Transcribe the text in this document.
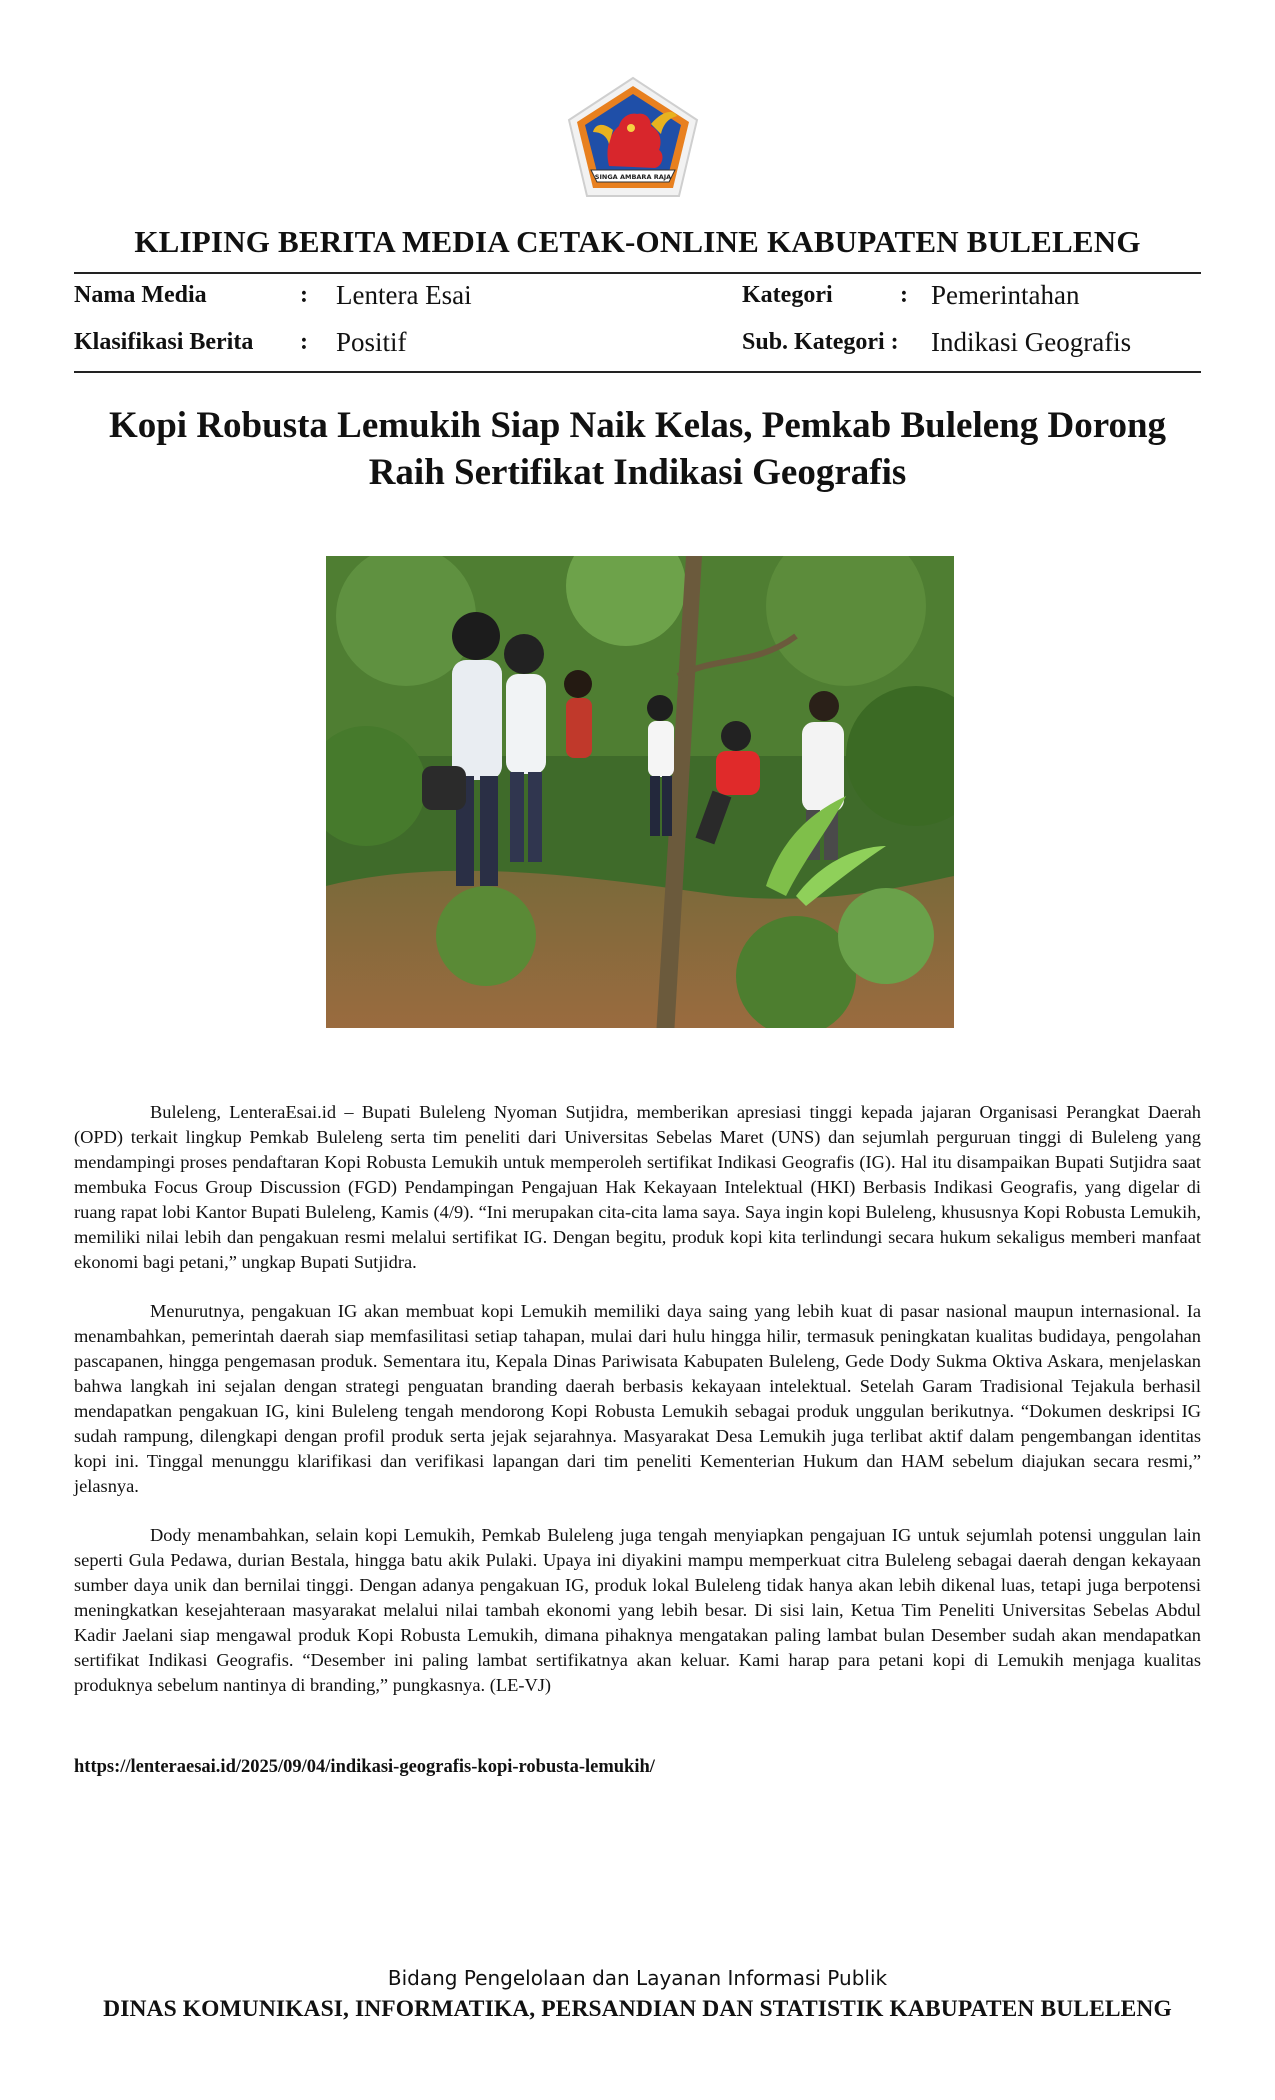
SINGA AMBARA RAJA
KLIPING BERITA MEDIA CETAK-ONLINE KABUPATEN BULELENG
Nama Media	: Lentera Esai	Kategori	: Pemerintahan
Klasifikasi Berita : Positif	Sub. Kategori : Indikasi Geografis
Kopi Robusta Lemukih Siap Naik Kelas, Pemkab Buleleng Dorong Raih Sertifikat Indikasi Geografis

Buleleng, LenteraEsai.id – Bupati Buleleng Nyoman Sutjidra, memberikan apresiasi tinggi kepada jajaran Organisasi Perangkat Daerah (OPD) terkait lingkup Pemkab Buleleng serta tim peneliti dari Universitas Sebelas Maret (UNS) dan sejumlah perguruan tinggi di Buleleng yang mendampingi proses pendaftaran Kopi Robusta Lemukih untuk memperoleh sertifikat Indikasi Geografis (IG). Hal itu disampaikan Bupati Sutjidra saat membuka Focus Group Discussion (FGD) Pendampingan Pengajuan Hak Kekayaan Intelektual (HKI) Berbasis Indikasi Geografis, yang digelar di ruang rapat lobi Kantor Bupati Buleleng, Kamis (4/9). “Ini merupakan cita-cita lama saya. Saya ingin kopi Buleleng, khususnya Kopi Robusta Lemukih, memiliki nilai lebih dan pengakuan resmi melalui sertifikat IG. Dengan begitu, produk kopi kita terlindungi secara hukum sekaligus memberi manfaat ekonomi bagi petani,” ungkap Bupati Sutjidra.

Menurutnya, pengakuan IG akan membuat kopi Lemukih memiliki daya saing yang lebih kuat di pasar nasional maupun internasional. Ia menambahkan, pemerintah daerah siap memfasilitasi setiap tahapan, mulai dari hulu hingga hilir, termasuk peningkatan kualitas budidaya, pengolahan pascapanen, hingga pengemasan produk. Sementara itu, Kepala Dinas Pariwisata Kabupaten Buleleng, Gede Dody Sukma Oktiva Askara, menjelaskan bahwa langkah ini sejalan dengan strategi penguatan branding daerah berbasis kekayaan intelektual. Setelah Garam Tradisional Tejakula berhasil mendapatkan pengakuan IG, kini Buleleng tengah mendorong Kopi Robusta Lemukih sebagai produk unggulan berikutnya. “Dokumen deskripsi IG sudah rampung, dilengkapi dengan profil produk serta jejak sejarahnya. Masyarakat Desa Lemukih juga terlibat aktif dalam pengembangan identitas kopi ini. Tinggal menunggu klarifikasi dan verifikasi lapangan dari tim peneliti Kementerian Hukum dan HAM sebelum diajukan secara resmi,” jelasnya.

Dody menambahkan, selain kopi Lemukih, Pemkab Buleleng juga tengah menyiapkan pengajuan IG untuk sejumlah potensi unggulan lain seperti Gula Pedawa, durian Bestala, hingga batu akik Pulaki. Upaya ini diyakini mampu memperkuat citra Buleleng sebagai daerah dengan kekayaan sumber daya unik dan bernilai tinggi. Dengan adanya pengakuan IG, produk lokal Buleleng tidak hanya akan lebih dikenal luas, tetapi juga berpotensi meningkatkan kesejahteraan masyarakat melalui nilai tambah ekonomi yang lebih besar. Di sisi lain, Ketua Tim Peneliti Universitas Sebelas Abdul Kadir Jaelani siap mengawal produk Kopi Robusta Lemukih, dimana pihaknya mengatakan paling lambat bulan Desember sudah akan mendapatkan sertifikat Indikasi Geografis. “Desember ini paling lambat sertifikatnya akan keluar. Kami harap para petani kopi di Lemukih menjaga kualitas produknya sebelum nantinya di branding,” pungkasnya. (LE-VJ)

https://lenteraesai.id/2025/09/04/indikasi-geografis-kopi-robusta-lemukih/
Bidang Pengelolaan dan Layanan Informasi Publik
DINAS KOMUNIKASI, INFORMATIKA, PERSANDIAN DAN STATISTIK KABUPATEN BULELENG
